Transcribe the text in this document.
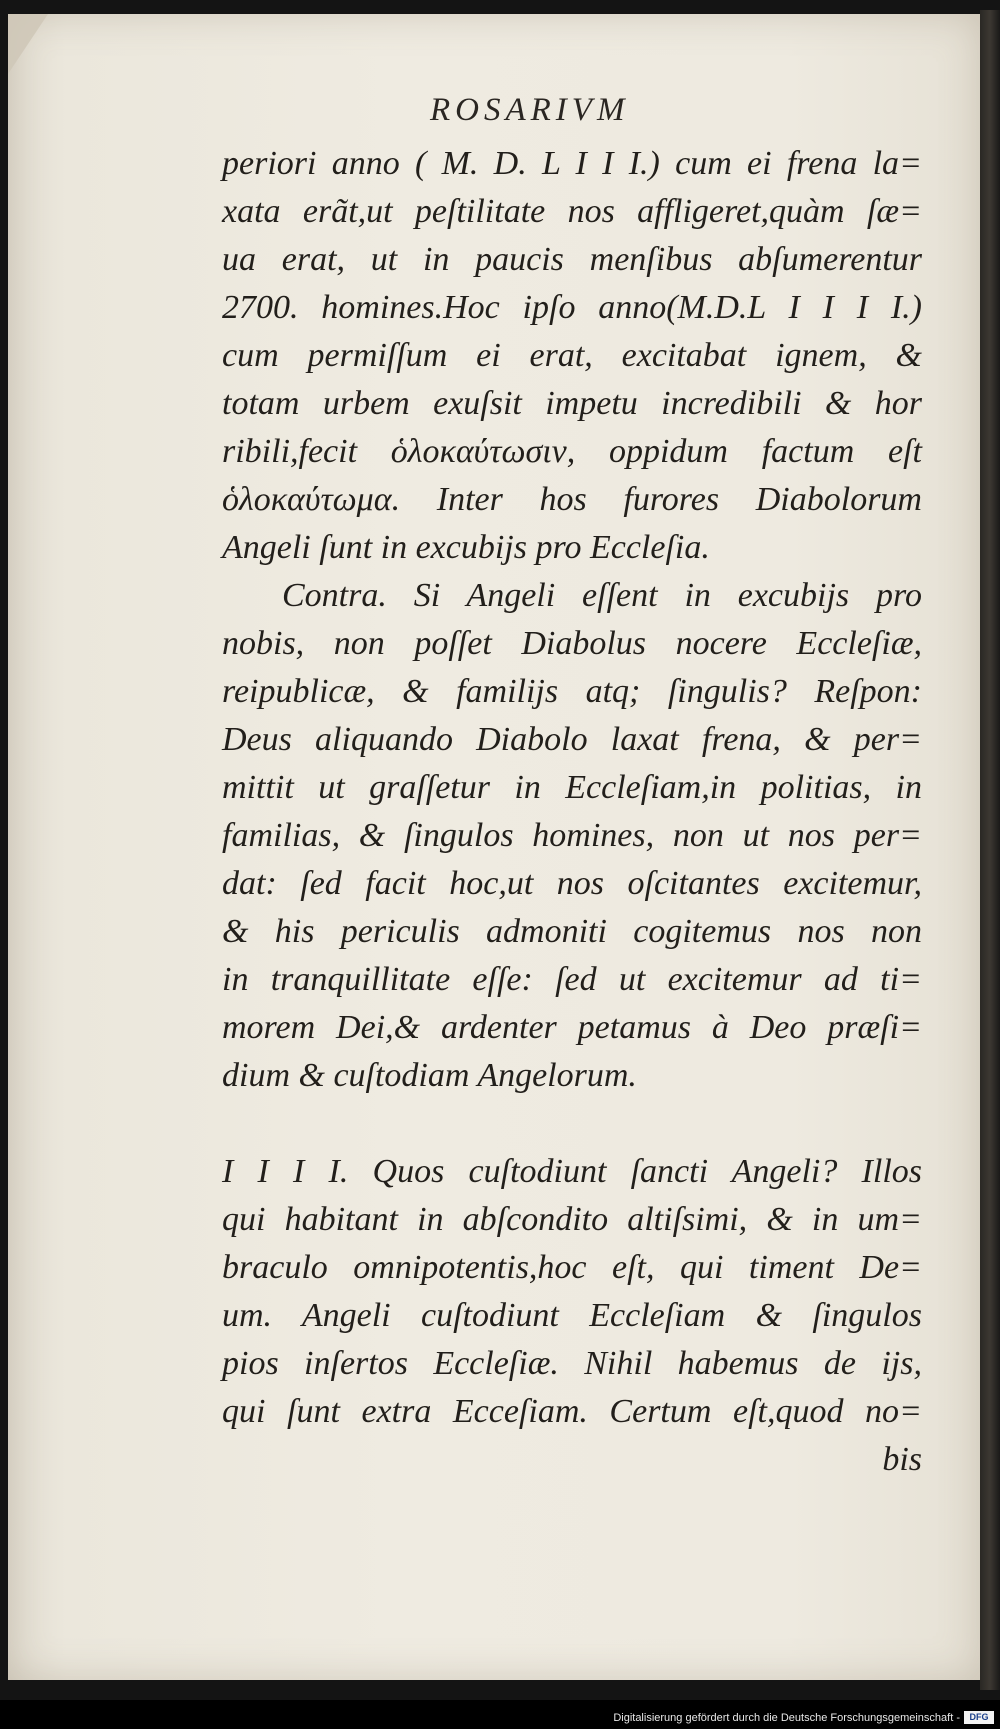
ROSARIVM
periori anno ( M. D. L I I I.) cum ei frena la=
xata erãt,ut peſtilitate nos affligeret,quàm ſæ=
ua erat, ut in paucis menſibus abſumerentur
2700. homines.Hoc ipſo anno(M.D.L I I I I.)
cum permiſſum ei erat, excitabat ignem, &
totam urbem exuſsit impetu incredibili & hor
ribili,fecit ὁλοκαύτωσιν, oppidum factum eſt
ὁλοκαύτωμα. Inter hos furores Diabolorum
Angeli ſunt in excubijs pro Eccleſia.
Contra. Si Angeli eſſent in excubijs pro
nobis, non poſſet Diabolus nocere Eccleſiæ,
reipublicæ, & familijs atq; ſingulis? Reſpon:
Deus aliquando Diabolo laxat frena, & per=
mittit ut graſſetur in Eccleſiam,in politias, in
familias, & ſingulos homines, non ut nos per=
dat: ſed facit hoc,ut nos oſcitantes excitemur,
& his periculis admoniti cogitemus nos non
in tranquillitate eſſe: ſed ut excitemur ad ti=
morem Dei,& ardenter petamus à Deo præſi=
dium & cuſtodiam Angelorum.
I I I I. Quos cuſtodiunt ſancti Angeli? Illos
qui habitant in abſcondito altiſsimi, & in um=
braculo omnipotentis,hoc eſt, qui timent De=
um. Angeli cuſtodiunt Eccleſiam & ſingulos
pios inſertos Eccleſiæ. Nihil habemus de ijs,
qui ſunt extra Ecceſiam. Certum eſt,quod no=
bis
Digitalisierung gefördert durch die Deutsche Forschungsgemeinschaft -	DFG
